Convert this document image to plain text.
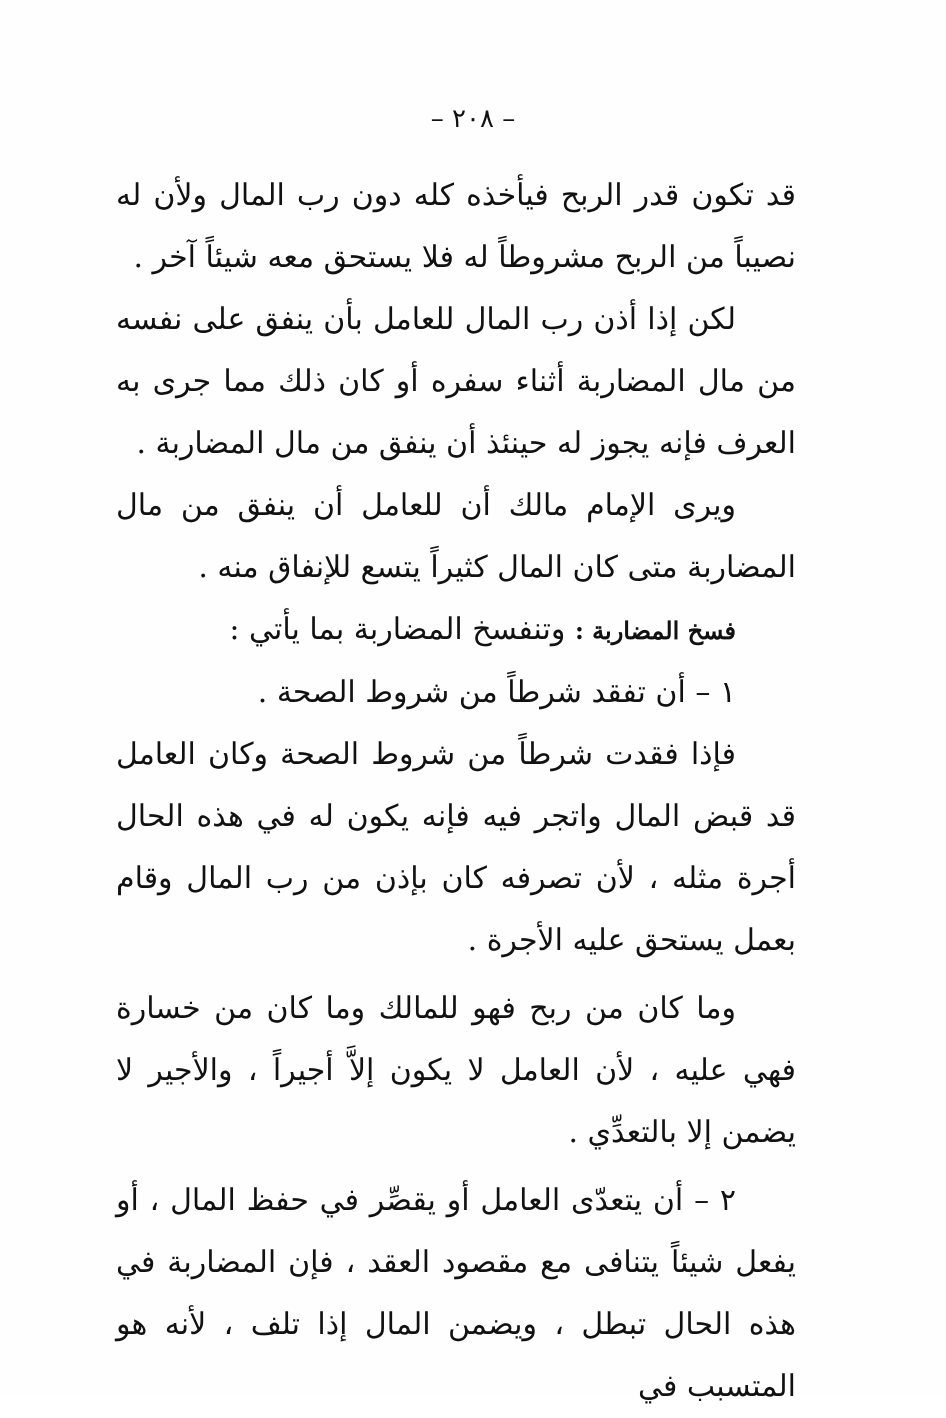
– ٢٠٨ –

قد تكون قدر الربح فيأخذه كله دون رب المال ولأن له نصيباً من الربح مشروطاً له فلا يستحق معه شيئاً آخر .

لكن إذا أذن رب المال للعامل بأن ينفق على نفسه من مال المضاربة أثناء سفره أو كان ذلك مما جرى به العرف فإنه يجوز له حينئذ أن ينفق من مال المضاربة .

ويرى الإمام مالك أن للعامل أن ينفق من مال المضاربة متى كان المال كثيراً يتسع للإنفاق منه .

فسخ المضاربة : وتنفسخ المضاربة بما يأتي :

١ – أن تفقد شرطاً من شروط الصحة .

فإذا فقدت شرطاً من شروط الصحة وكان العامل قد قبض المال واتجر فيه فإنه يكون له في هذه الحال أجرة مثله ، لأن تصرفه كان بإذن من رب المال وقام بعمل يستحق عليه الأجرة .

وما كان من ربح فهو للمالك وما كان من خسارة فهي عليه ، لأن العامل لا يكون إلاَّ أجيراً ، والأجير لا يضمن إلا بالتعدِّي .

٢ – أن يتعدّى العامل أو يقصِّر في حفظ المال ، أو يفعل شيئاً يتنافى مع مقصود العقد ، فإن المضاربة في هذه الحال تبطل ، ويضمن المال إذا تلف ، لأنه هو المتسبب في
